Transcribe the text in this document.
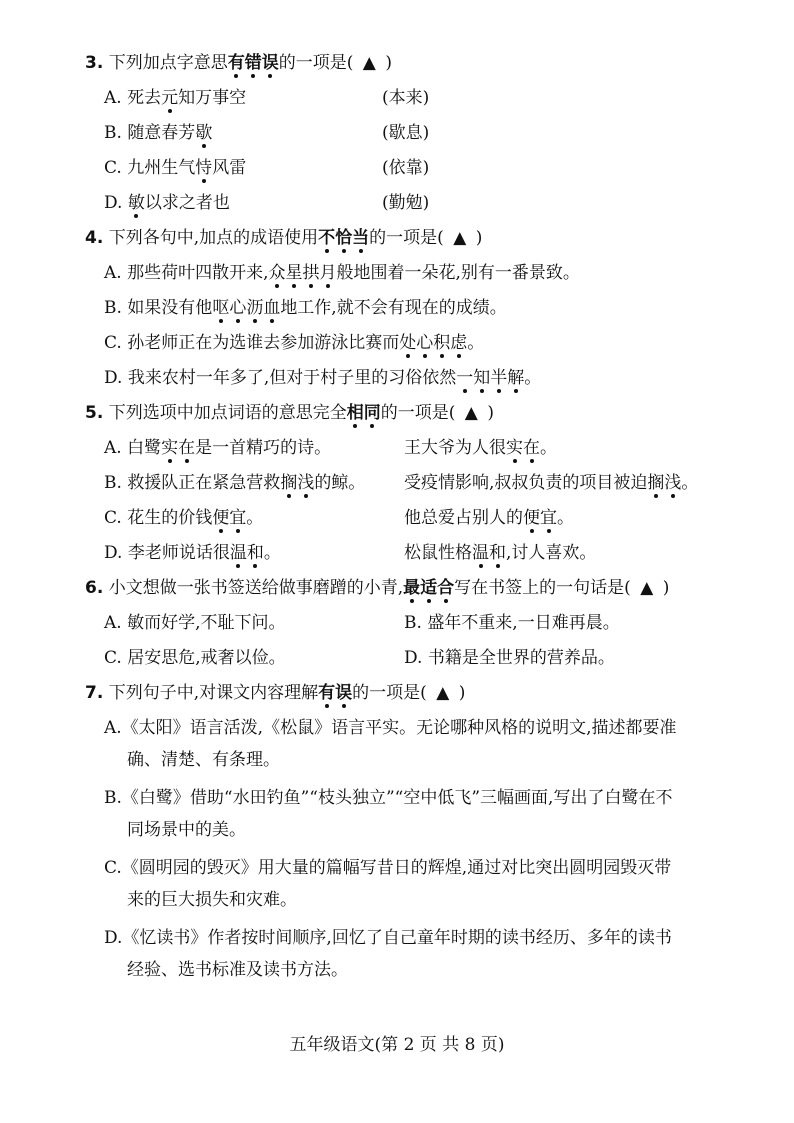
3. 下列加点字意思有错误的一项是( ▲ )
A. 死去元知万事空	(本来)
B. 随意春芳歇	(歇息)
C. 九州生气恃风雷	(依靠)
D. 敏以求之者也	(勤勉)
4. 下列各句中,加点的成语使用不恰当的一项是( ▲ )
A. 那些荷叶四散开来,众星拱月般地围着一朵花,别有一番景致。
B. 如果没有他呕心沥血地工作,就不会有现在的成绩。
C. 孙老师正在为选谁去参加游泳比赛而处心积虑。
D. 我来农村一年多了,但对于村子里的习俗依然一知半解。
5. 下列选项中加点词语的意思完全相同的一项是( ▲ )
A. 白鹭实在是一首精巧的诗。	王大爷为人很实在。
B. 救援队正在紧急营救搁浅的鲸。 受疫情影响,叔叔负责的项目被迫搁浅。
C. 花生的价钱便宜。	他总爱占别人的便宜。
D. 李老师说话很温和。	松鼠性格温和,讨人喜欢。
6. 小文想做一张书签送给做事磨蹭的小青,最适合写在书签上的一句话是( ▲ )
A. 敏而好学,不耻下问。	B. 盛年不重来,一日难再晨。
C. 居安思危,戒奢以俭。	D. 书籍是全世界的营养品。
7. 下列句子中,对课文内容理解有误的一项是( ▲ )
A.《太阳》语言活泼,《松鼠》语言平实。无论哪种风格的说明文,描述都要准
确、清楚、有条理。
B.《白鹭》借助“水田钓鱼”“枝头独立”“空中低飞”三幅画面,写出了白鹭在不
同场景中的美。
C.《圆明园的毁灭》用大量的篇幅写昔日的辉煌,通过对比突出圆明园毁灭带
来的巨大损失和灾难。
D.《忆读书》作者按时间顺序,回忆了自己童年时期的读书经历、多年的读书
经验、选书标准及读书方法。
五年级语文(第 2 页 共 8 页)
